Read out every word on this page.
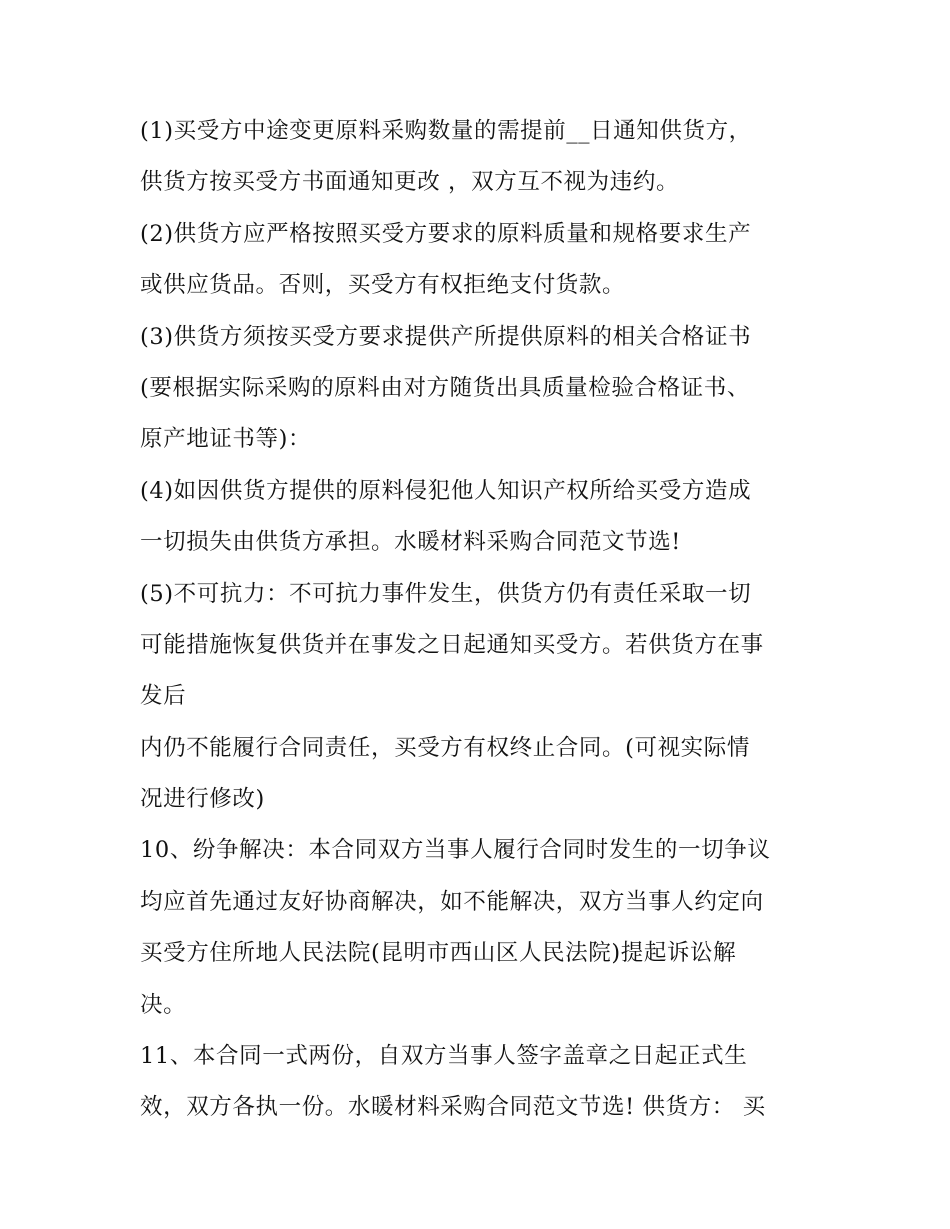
(1)买受方中途变更原料采购数量的需提前__日通知供货方，
供货方按买受方书面通知更改 ，双方互不视为违约。
(2)供货方应严格按照买受方要求的原料质量和规格要求生产
或供应货品。否则，买受方有权拒绝支付货款。
(3)供货方须按买受方要求提供产所提供原料的相关合格证书
(要根据实际采购的原料由对方随货出具质量检验合格证书、
原产地证书等)：
(4)如因供货方提供的原料侵犯他人知识产权所给买受方造成
一切损失由供货方承担。水暖材料采购合同范文节选!
(5)不可抗力：不可抗力事件发生，供货方仍有责任采取一切
可能措施恢复供货并在事发之日起通知买受方。若供货方在事
发后
内仍不能履行合同责任，买受方有权终止合同。(可视实际情
况进行修改)
10、纷争解决：本合同双方当事人履行合同时发生的一切争议
均应首先通过友好协商解决，如不能解决，双方当事人约定向
买受方住所地人民法院(昆明市西山区人民法院)提起诉讼解
决。
11、本合同一式两份，自双方当事人签字盖章之日起正式生
效，双方各执一份。水暖材料采购合同范文节选! 供货方： 买
